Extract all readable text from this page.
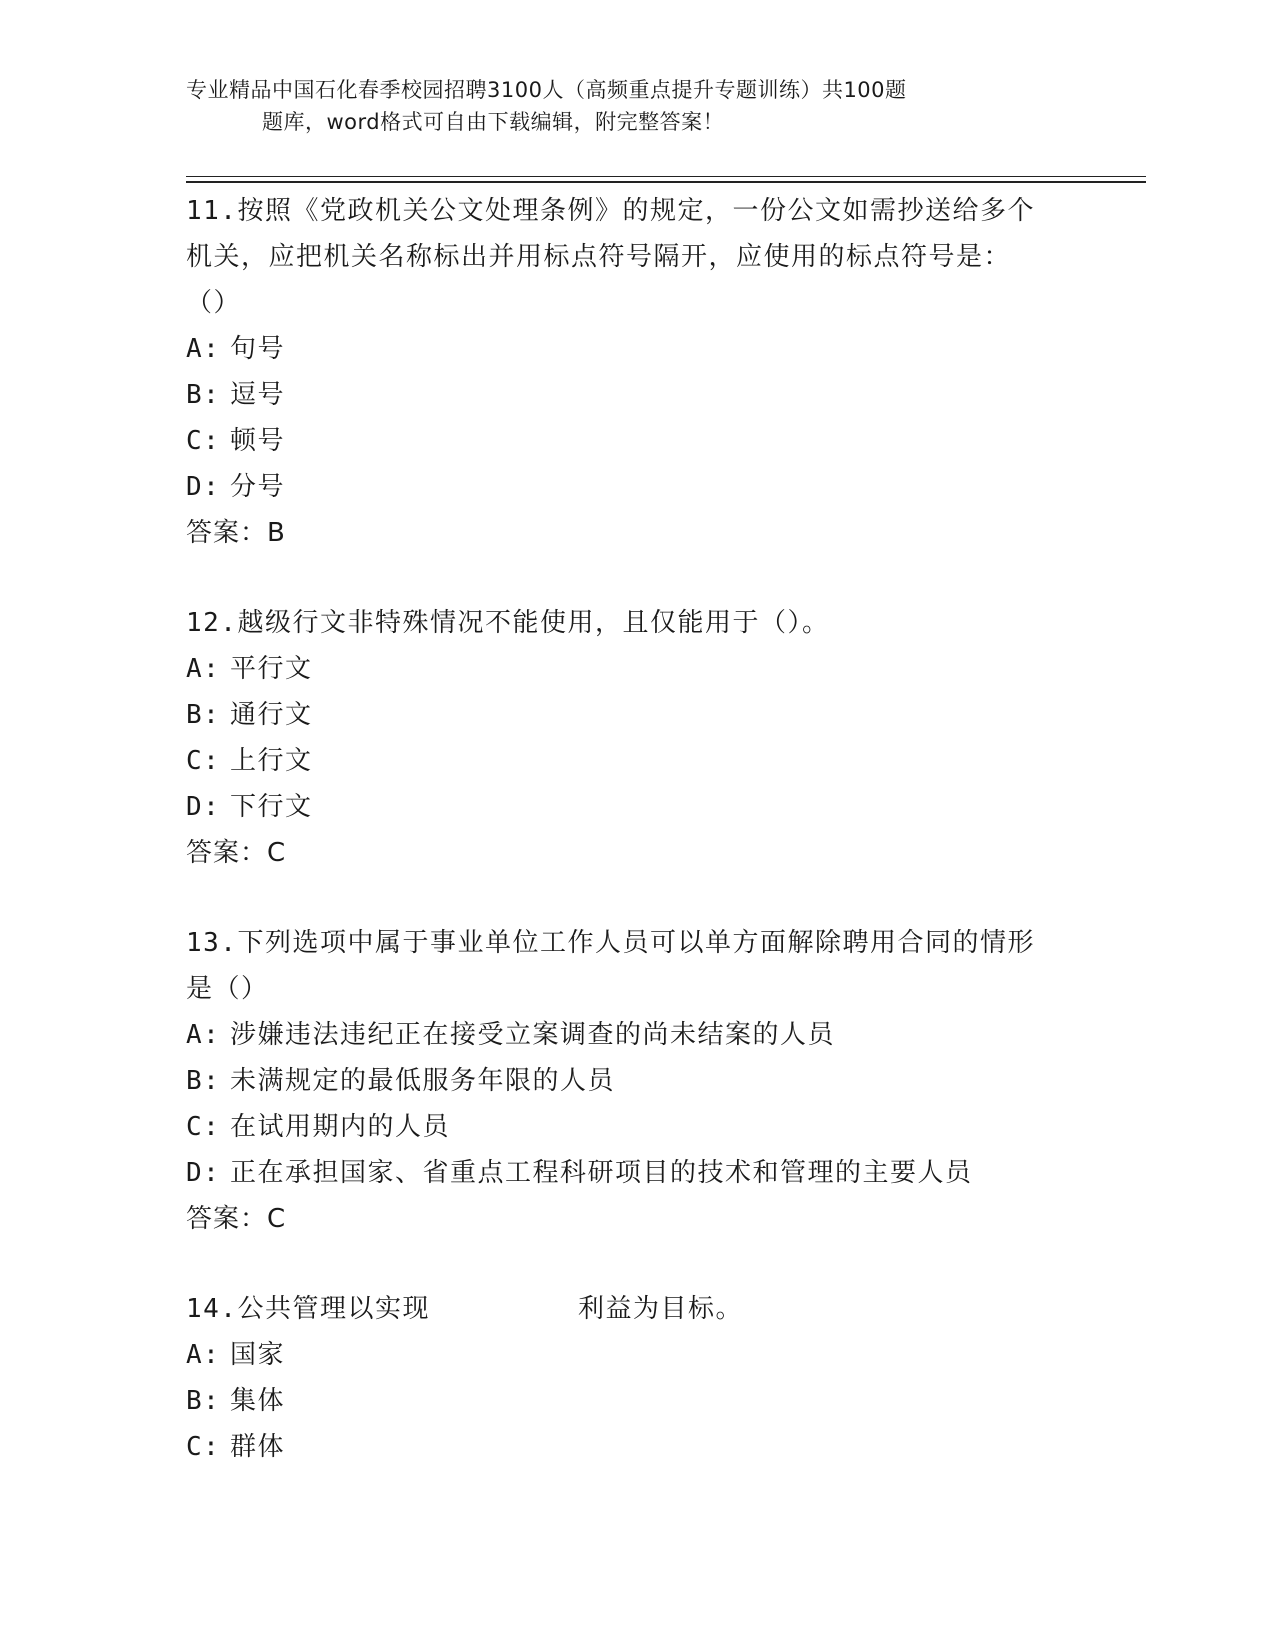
专业精品中国石化春季校园招聘3100人（高频重点提升专题训练）共100题
题库，word格式可自由下载编辑，附完整答案！
11.按照《党政机关公文处理条例》的规定，一份公文如需抄送给多个
机关，应把机关名称标出并用标点符号隔开，应使用的标点符号是：
（）
A: 句号
B: 逗号
C: 顿号
D: 分号
答案：B
12.越级行文非特殊情况不能使用，且仅能用于（）。
A: 平行文
B: 通行文
C: 上行文
D: 下行文
答案：C
13.下列选项中属于事业单位工作人员可以单方面解除聘用合同的情形
是（）
A: 涉嫌违法违纪正在接受立案调查的尚未结案的人员
B: 未满规定的最低服务年限的人员
C: 在试用期内的人员
D: 正在承担国家、省重点工程科研项目的技术和管理的主要人员
答案：C
14.公共管理以实现	利益为目标。
A: 国家
B: 集体
C: 群体
